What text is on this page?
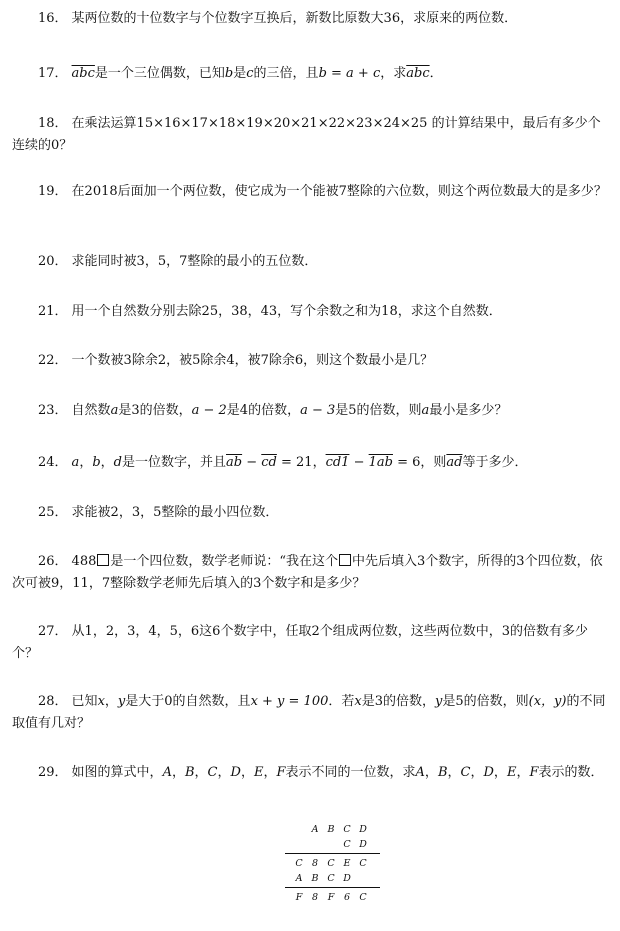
16． 某两位数的十位数字与个位数字互换后，新数比原数大36，求原来的两位数．
17． $\overline{abc}$是一个三位偶数，已知b是c的三倍，且b = a + c，求$\overline{abc}$．
18． 在乘法运算15×16×17×18×19×20×21×22×23×24×25 的计算结果中，最后有多少个连续的0？
19． 在2018后面加一个两位数，使它成为一个能被7整除的六位数，则这个两位数最大的是多少？
20． 求能同时被3，5，7整除的最小的五位数．
21． 用一个自然数分别去除25，38，43，写个余数之和为18，求这个自然数．
22． 一个数被3除余2，被5除余4，被7除余6，则这个数最小是几？
23． 自然数a是3的倍数，a − 2是4的倍数，a − 3是5的倍数，则a最小是多少？
24． a，b，d是一位数字，并且$\overline{ab} - \overline{cd} = 21$，cd1 − 1ab = 6，则$\overline{ad}$等于多少．
25． 求能被2，3，5整除的最小四位数．
26． 488 是一个四位数，数学老师说：“我在这个 中先后填入3个数字，所得的3个四位数，依次可被9，11，7整除数学老师先后填入的3个数字和是多少？
27． 从1，2，3，4，5，6这6个数字中，任取2个组成两位数，这些两位数中，3的倍数有多少个？
28． 已知x，y是大于0的自然数，且x + y = 100．若x是3的倍数，y是5的倍数，则(x，y)的不同取值有几对？
29． 如图的算式中，A，B，C，D，E，F表示不同的一位数，求A，B，C，D，E，F表示的数．
A B C D
C D
C 8 C E C
A B C D
F	8	F	6 C
